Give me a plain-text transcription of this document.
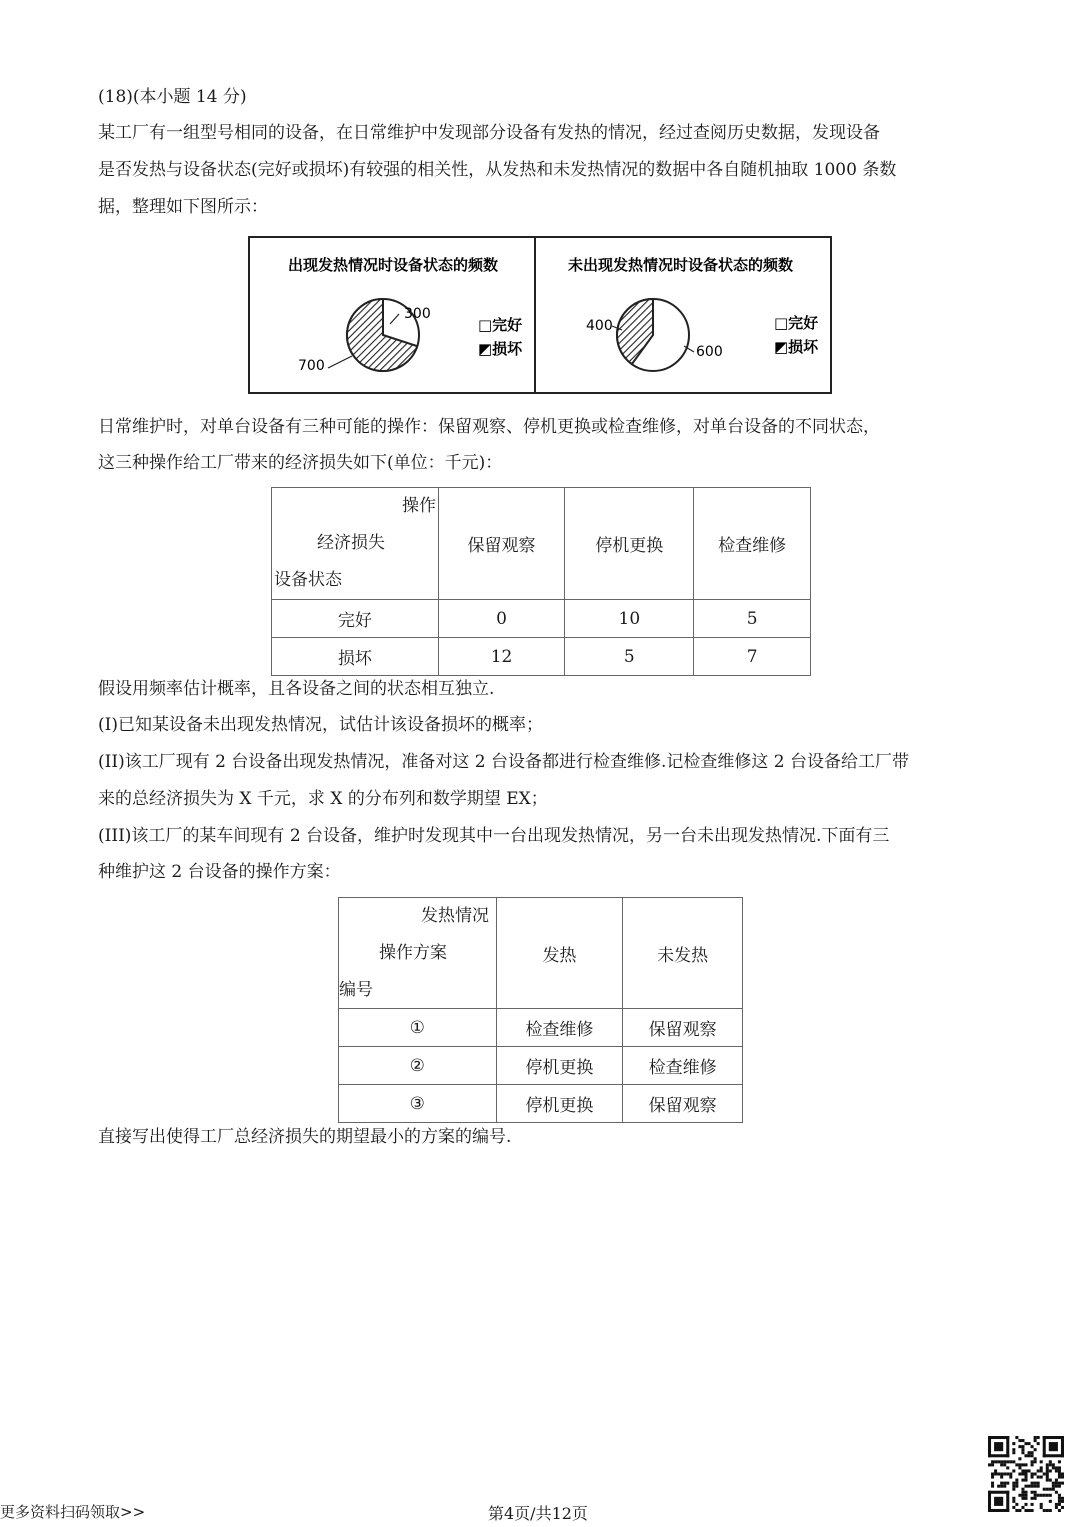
(18)(本小题 14 分)
某工厂有一组型号相同的设备，在日常维护中发现部分设备有发热的情况，经过查阅历史数据，发现设备
是否发热与设备状态(完好或损坏)有较强的相关性，从发热和未发热情况的数据中各自随机抽取 1000 条数
据，整理如下图所示：
出现发热情况时设备状态的频数
300
700
□完好
◩损坏
未出现发热情况时设备状态的频数
400
600
□完好
◩损坏
日常维护时，对单台设备有三种可能的操作：保留观察、停机更换或检查维修，对单台设备的不同状态，
这三种操作给工厂带来的经济损失如下(单位：千元)：
操作
经济损失
设备状态	保留观察	停机更换	检查维修
完好	0	10	5
损坏	12	5	7
假设用频率估计概率，且各设备之间的状态相互独立.
(I)已知某设备未出现发热情况，试估计该设备损坏的概率；
(II)该工厂现有 2 台设备出现发热情况，准备对这 2 台设备都进行检查维修.记检查维修这 2 台设备给工厂带
来的总经济损失为 X 千元，求 X 的分布列和数学期望 EX；
(III)该工厂的某车间现有 2 台设备，维护时发现其中一台出现发热情况，另一台未出现发热情况.下面有三
种维护这 2 台设备的操作方案：
发热情况
操作方案
编号	发热	未发热
①	检查维修	保留观察
②	停机更换	检查维修
③	停机更换	保留观察
直接写出使得工厂总经济损失的期望最小的方案的编号.
更多资料扫码领取>>	第4页/共12页
